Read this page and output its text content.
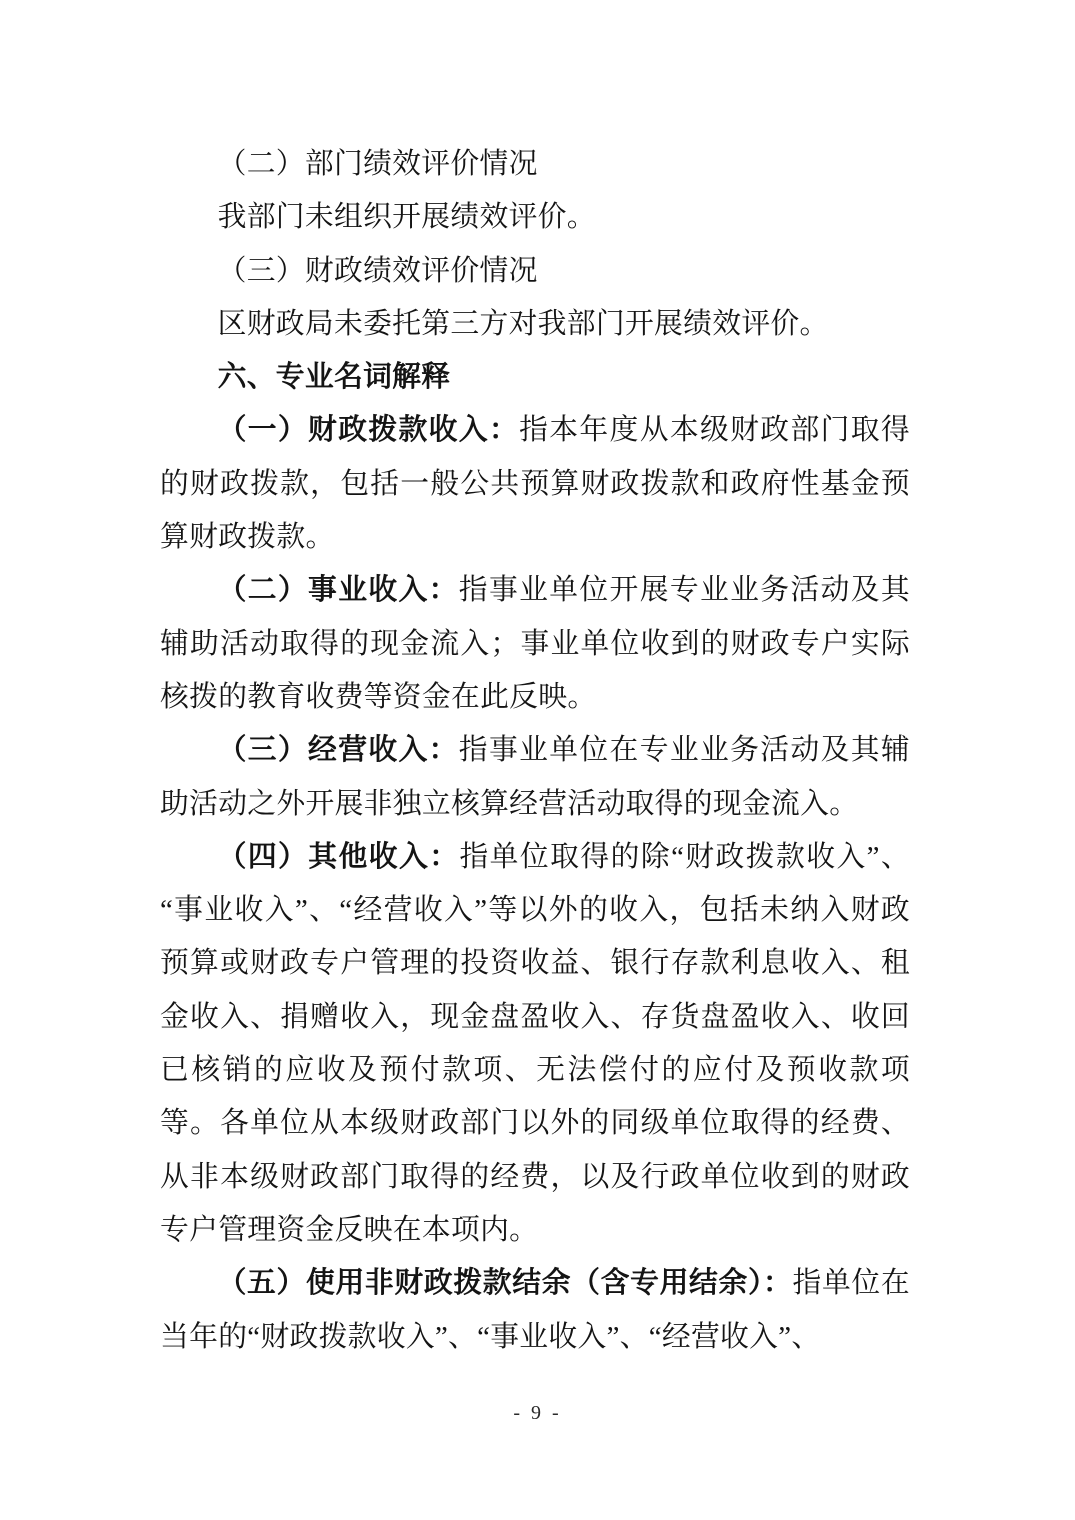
（二）部门绩效评价情况

我部门未组织开展绩效评价。

（三）财政绩效评价情况

区财政局未委托第三方对我部门开展绩效评价。

六、专业名词解释

（一）财政拨款收入：指本年度从本级财政部门取得的财政拨款，包括一般公共预算财政拨款和政府性基金预算财政拨款。

（二）事业收入：指事业单位开展专业业务活动及其辅助活动取得的现金流入；事业单位收到的财政专户实际核拨的教育收费等资金在此反映。

（三）经营收入：指事业单位在专业业务活动及其辅助活动之外开展非独立核算经营活动取得的现金流入。

（四）其他收入：指单位取得的除“财政拨款收入”、“事业收入”、“经营收入”等以外的收入，包括未纳入财政预算或财政专户管理的投资收益、银行存款利息收入、租金收入、捐赠收入，现金盘盈收入、存货盘盈收入、收回已核销的应收及预付款项、无法偿付的应付及预收款项等。各单位从本级财政部门以外的同级单位取得的经费、从非本级财政部门取得的经费，以及行政单位收到的财政专户管理资金反映在本项内。

（五）使用非财政拨款结余（含专用结余）：指单位在当年的“财政拨款收入”、“事业收入”、“经营收入”、

- 9 -
